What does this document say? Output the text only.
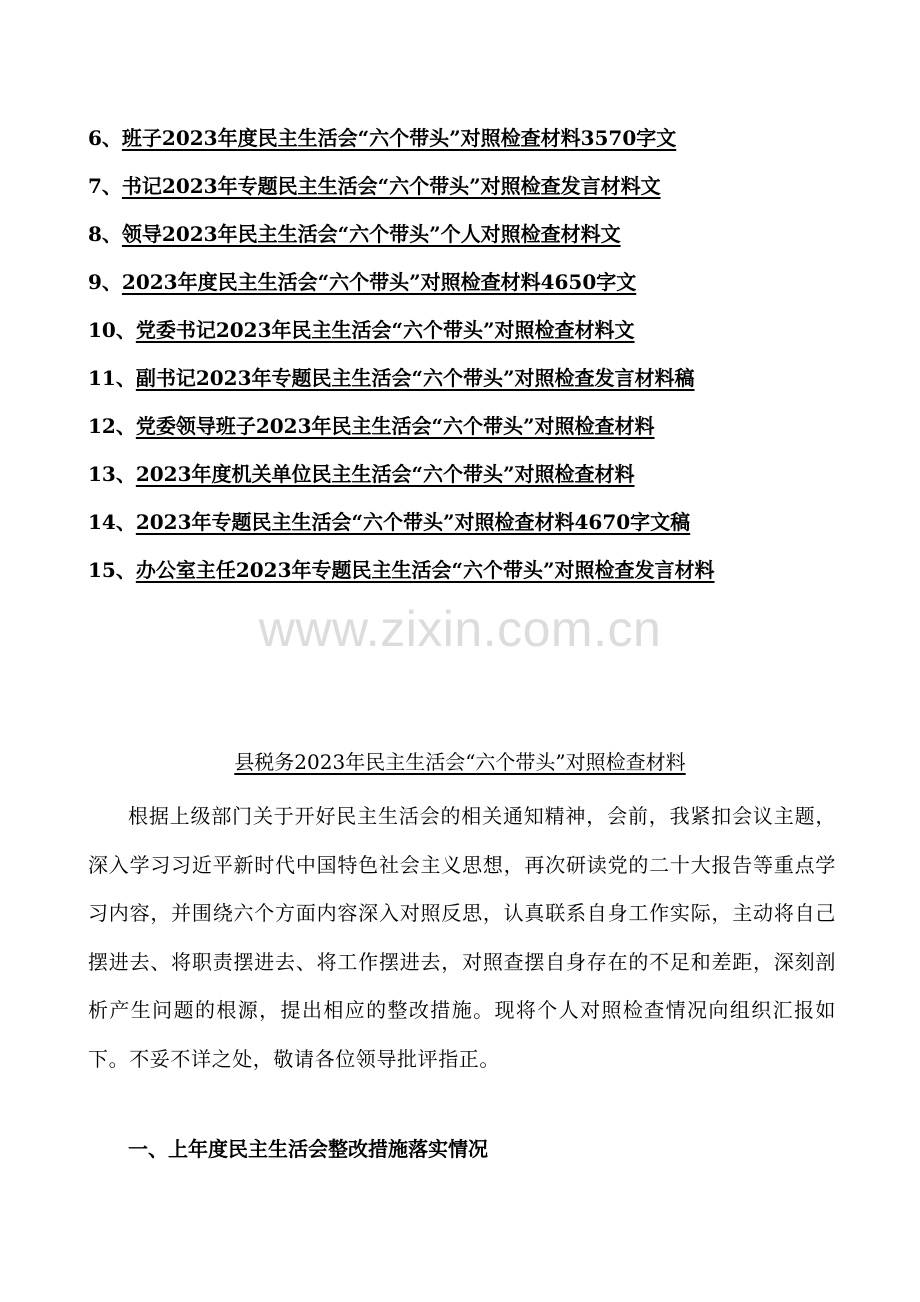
6、班子2023年度民主生活会“六个带头”对照检查材料3570字文
7、书记2023年专题民主生活会“六个带头”对照检查发言材料文
8、领导2023年民主生活会“六个带头”个人对照检查材料文
9、2023年度民主生活会“六个带头”对照检查材料4650字文
10、党委书记2023年民主生活会“六个带头”对照检查材料文
11、副书记2023年专题民主生活会“六个带头”对照检查发言材料稿
12、党委领导班子2023年民主生活会“六个带头”对照检查材料
13、2023年度机关单位民主生活会“六个带头”对照检查材料
14、2023年专题民主生活会“六个带头”对照检查材料4670字文稿
15、办公室主任2023年专题民主生活会“六个带头”对照检查发言材料
www.zixin.com.cn
县税务2023年民主生活会“六个带头”对照检查材料

根据上级部门关于开好民主生活会的相关通知精神，会前，我紧扣会议主题，深入学习习近平新时代中国特色社会主义思想，再次研读党的二十大报告等重点学习内容，并围绕六个方面内容深入对照反思，认真联系自身工作实际，主动将自己摆进去、将职责摆进去、将工作摆进去，对照查摆自身存在的不足和差距，深刻剖析产生问题的根源，提出相应的整改措施。现将个人对照检查情况向组织汇报如下。不妥不详之处，敬请各位领导批评指正。

一、上年度民主生活会整改措施落实情况
